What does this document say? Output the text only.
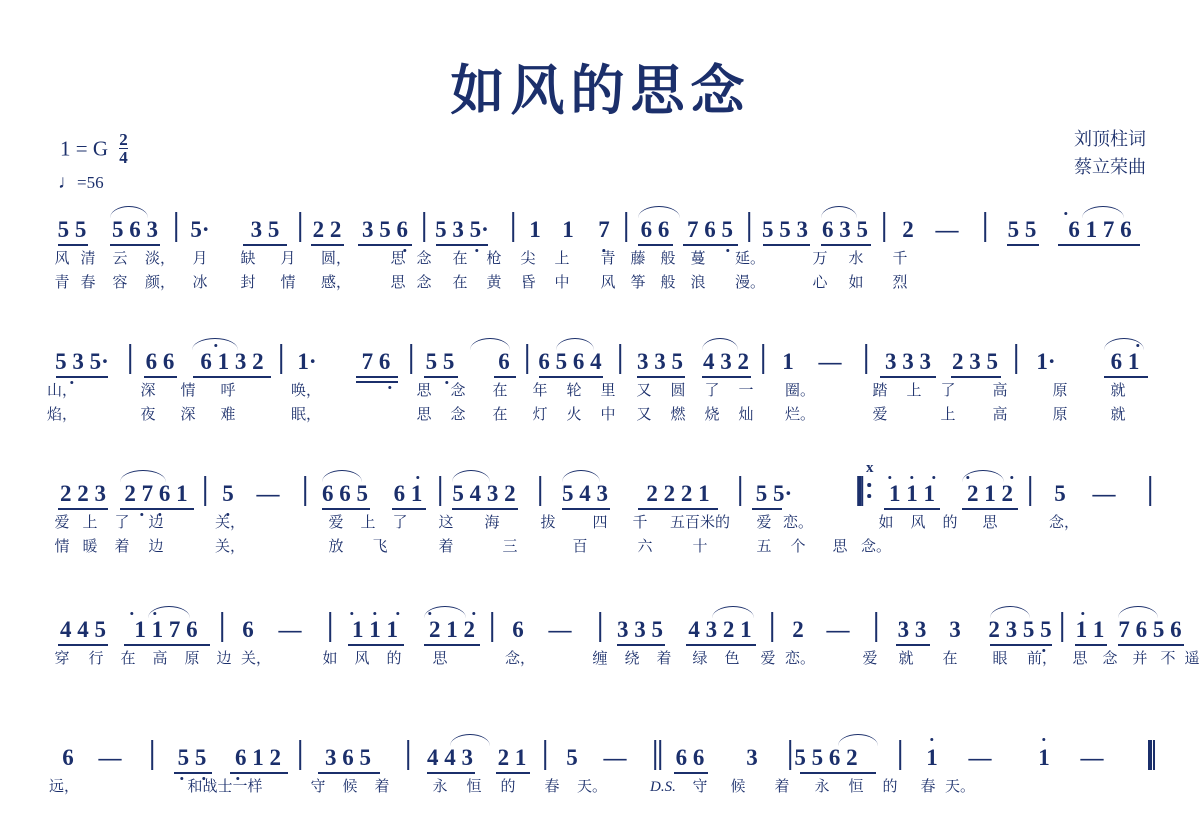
如风的思念
1 = G $\frac{2}{4}$
♩=56
刘顶柱词
蔡立荣曲
5 5 5 6 3 5· 3 5 2 2 3 5 6 5 3 5· 1 1 7 6 6 7 6 5 5 5 3 6 3 5 2 — 5 5 6 1 7 6
风 清 云 淡， 月 缺 月 圆，	思 念 在 枪 尖 上 青 藤 般 蔓 延。	万 水 千
青 春 容 颜， 冰 封 情 感，	思 念 在 黄 昏 中 风 筝 般 浪 漫。	心 如 烈
5 3 5· 6 6 6 1 3 2 1· 7 6 5 5 6 6 5 6 4 3 3 5 4 3 2 1 — 3 3 3 2 3 5 1· 6 1
山，	深 情 呼	唤，	思 念 在 年 轮 里 又 圆 了 一 圈。	踏 上 了 高	原	就
焰，	夜 深 难	眠，	思 念 在 灯 火 中 又 燃 烧 灿 烂。	爱	上 高	原	就
2 2 3 2 7 6 1 5 — 6 6 5 6 1 5 4 3 2 5 4 3 2 2 2 1 5 5·
x
1 1 1 2 1 2 5 —
爱 上 了 边	关，	爱 上 了 这 海	拔 四 千 五百米的 爱 恋。	如 风 的 思	念，
情 暖 着 边	关，	放 飞	着	三	百	六	十	五 个 思 念。
4 4 5 1 1 7 6 6 — 1 1 1 2 1 2 6 — 3 3 5 4 3 2 1 2 — 3 3 3 2 3 5 5 1 1 7 6 5 6
穿 行 在 高 原 边 关，	如 风 的 思	念，	缠 绕 着 绿 色 爱 恋。	爱 就 在 眼 前， 思 念 并 不 遥
6 — 5 5 6 1 2 3 6 5 4 4 3 2 1 5 — 6 6 3 5 5 6 2	1 — 1 —
远，	和战士一样	守 候 着	永 恒 的 春 天。	D.S. 守 候 着 永 恒 的 春 天。
